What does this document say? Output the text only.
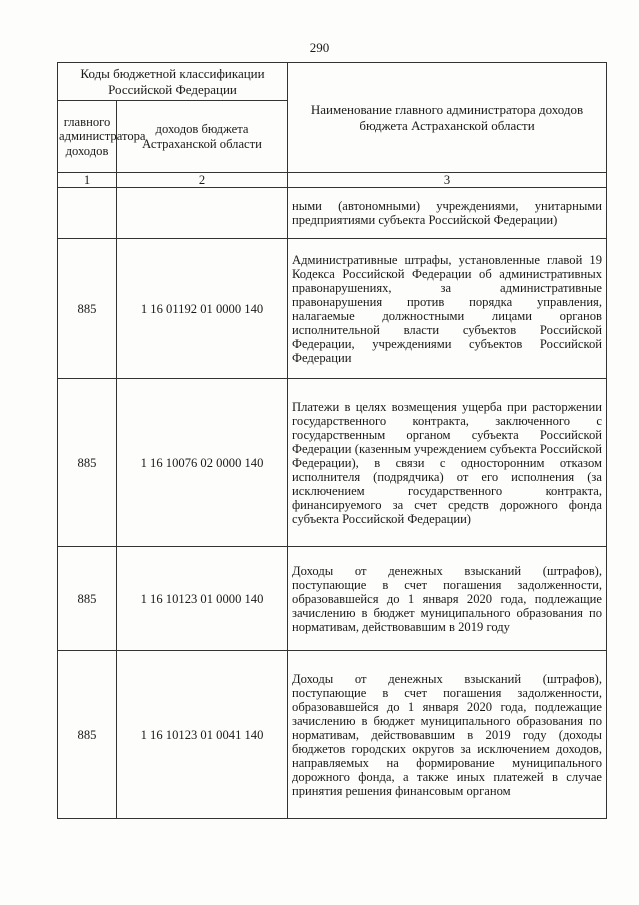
290
Коды бюджетной классификации Российской Федерации		Наименование главного администратора доходов бюджета Астраханской области
главного администратора доходов	доходов бюджета Астраханской области	
1	2	3
		ными (автономными) учреждениями, унитарными предприятиями субъекта Российской Федерации)
885	1 16 01192 01 0000 140	Административные штрафы, установленные главой 19 Кодекса Российской Федерации об административных правонарушениях, за административные правонарушения против порядка управления, налагаемые должностными лицами органов исполнительной власти субъектов Российской Федерации, учреждениями субъектов Российской Федерации
885	1 16 10076 02 0000 140	Платежи в целях возмещения ущерба при расторжении государственного контракта, заключенного с государственным органом субъекта Российской Федерации (казенным учреждением субъекта Российской Федерации), в связи с односторонним отказом исполнителя (подрядчика) от его исполнения (за исключением государственного контракта, финансируемого за счет средств дорожного фонда субъекта Российской Федерации)
885	1 16 10123 01 0000 140	Доходы от денежных взысканий (штрафов), поступающие в счет погашения задолженности, образовавшейся до 1 января 2020 года, подлежащие зачислению в бюджет муниципального образования по нормативам, действовавшим в 2019 году
885	1 16 10123 01 0041 140	Доходы от денежных взысканий (штрафов), поступающие в счет погашения задолженности, образовавшейся до 1 января 2020 года, подлежащие зачислению в бюджет муниципального образования по нормативам, действовавшим в 2019 году (доходы бюджетов городских округов за исключением доходов, направляемых на формирование муниципального дорожного фонда, а также иных платежей в случае принятия решения финансовым органом
